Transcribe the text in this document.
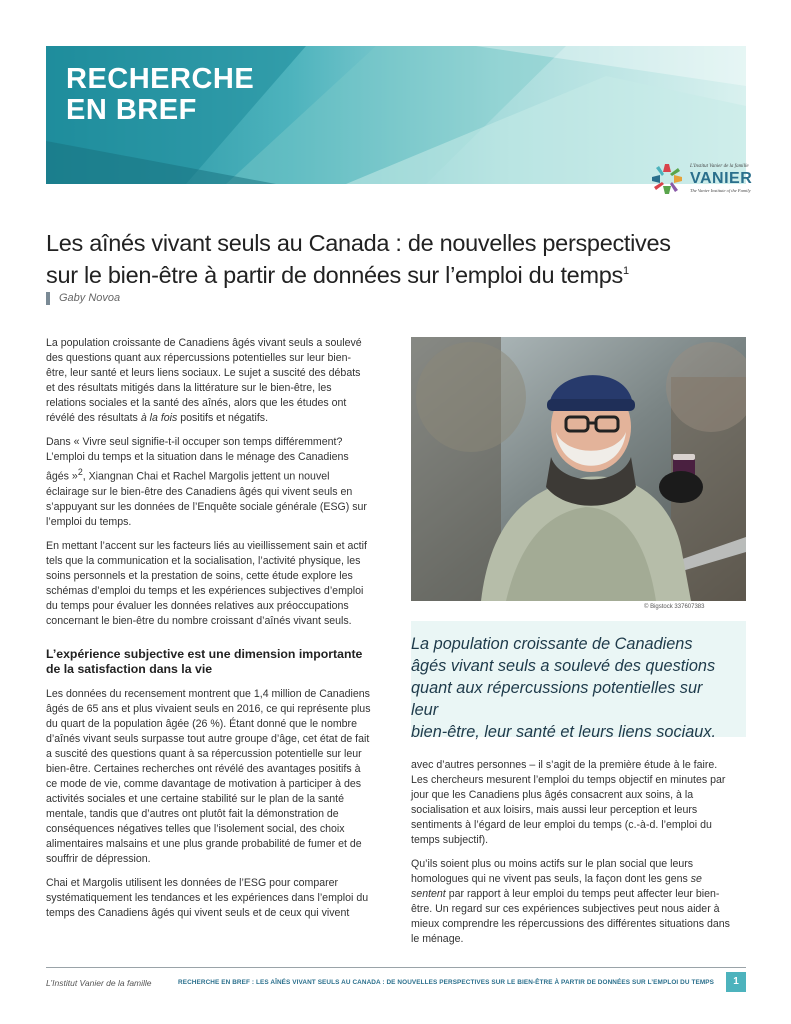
RECHERCHE
EN BREF
L'Institut Vanier de la famille
VANIER
The Vanier Institute of the Family
Les aînés vivant seuls au Canada : de nouvelles perspectives
sur le bien-être à partir de données sur l’emploi du temps$^1$
Gaby Novoa

La population croissante de Canadiens âgés vivant seuls a soulevé des questions quant aux répercussions potentielles sur leur bien-être, leur santé et leurs liens sociaux. Le sujet a suscité des débats et des résultats mitigés dans la littérature sur le bien-être, les relations sociales et la santé des aînés, alors que les études ont révélé des résultats à la fois positifs et négatifs.

Dans « Vivre seul signifie-t-il occuper son temps différemment? L’emploi du temps et la situation dans le ménage des Canadiens âgés »$^2$, Xiangnan Chai et Rachel Margolis jettent un nouvel éclairage sur le bien-être des Canadiens âgés qui vivent seuls en s’appuyant sur les données de l’Enquête sociale générale (ESG) sur l’emploi du temps.

En mettant l’accent sur les facteurs liés au vieillissement sain et actif tels que la communication et la socialisation, l’activité physique, les soins personnels et la prestation de soins, cette étude explore les schémas d’emploi du temps et les expériences subjectives d’emploi du temps pour évaluer les données relatives aux préoccupations concernant le bien-être du nombre croissant d’aînés vivant seuls.

L’expérience subjective est une dimension importante de la satisfaction dans la vie

Les données du recensement montrent que 1,4 million de Canadiens âgés de 65 ans et plus vivaient seuls en 2016, ce qui représente plus du quart de la population âgée (26 %). Étant donné que le nombre d’aînés vivant seuls surpasse tout autre groupe d’âge, cet état de fait a suscité des questions quant à sa répercussion potentielle sur leur bien-être. Certaines recherches ont révélé des avantages positifs à ce mode de vie, comme davantage de motivation à participer à des activités sociales et une certaine stabilité sur le plan de la santé mentale, tandis que d’autres ont plutôt fait la démonstration de conséquences négatives telles que l’isolement social, des choix alimentaires malsains et une plus grande probabilité de fumer et de souffrir de dépression.

Chai et Margolis utilisent les données de l’ESG pour comparer systématiquement les tendances et les expériences dans l’emploi du temps des Canadiens âgés qui vivent seuls et de ceux qui vivent

© Bigstock 337607383
La population croissante de Canadiens
âgés vivant seuls a soulevé des questions
quant aux répercussions potentielles sur leur
bien-être, leur santé et leurs liens sociaux.

avec d’autres personnes – il s’agit de la première étude à le faire. Les chercheurs mesurent l’emploi du temps objectif en minutes par jour que les Canadiens plus âgés consacrent aux soins, à la socialisation et aux loisirs, mais aussi leur perception et leurs sentiments à l’égard de leur emploi du temps (c.-à-d. l’emploi du temps subjectif).

Qu’ils soient plus ou moins actifs sur le plan social que leurs homologues qui ne vivent pas seuls, la façon dont les gens se sentent par rapport à leur emploi du temps peut affecter leur bien-être. Un regard sur ces expériences subjectives peut nous aider à mieux comprendre les répercussions des différentes situations dans le ménage.

L’Institut Vanier de la famille	RECHERCHE EN BREF : LES AÎNÉS VIVANT SEULS AU CANADA : DE NOUVELLES PERSPECTIVES SUR LE BIEN-ÊTRE À PARTIR DE DONNÉES SUR L’EMPLOI DU TEMPS	1
